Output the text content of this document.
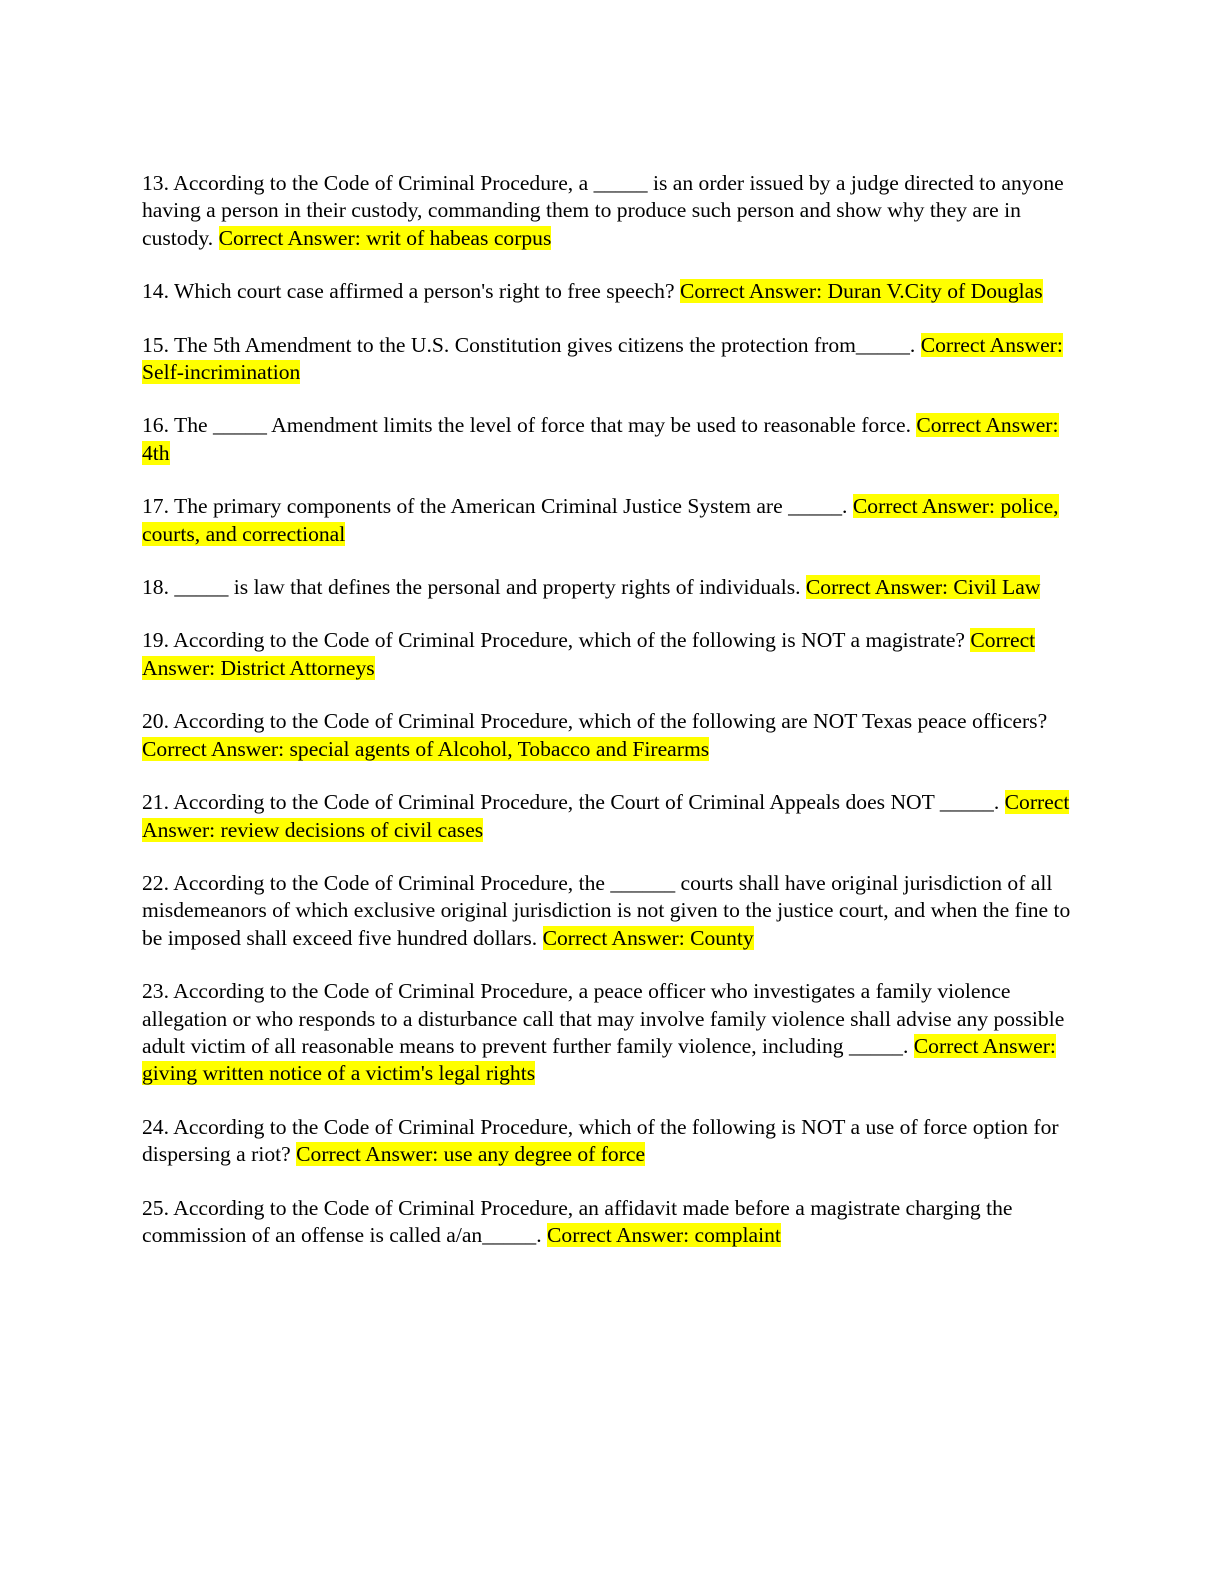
13. According to the Code of Criminal Procedure, a _____ is an order issued by a judge directed to anyone having a person in their custody, commanding them to produce such person and show why they are in custody. Correct Answer: writ of habeas corpus

14. Which court case affirmed a person's right to free speech? Correct Answer: Duran V.City of Douglas

15. The 5th Amendment to the U.S. Constitution gives citizens the protection from_____. Correct Answer: Self-incrimination

16. The _____ Amendment limits the level of force that may be used to reasonable force. Correct Answer: 4th

17. The primary components of the American Criminal Justice System are _____. Correct Answer: police, courts, and correctional

18. _____ is law that defines the personal and property rights of individuals. Correct Answer: Civil Law

19. According to the Code of Criminal Procedure, which of the following is NOT a magistrate? Correct Answer: District Attorneys

20. According to the Code of Criminal Procedure, which of the following are NOT Texas peace officers? Correct Answer: special agents of Alcohol, Tobacco and Firearms

21. According to the Code of Criminal Procedure, the Court of Criminal Appeals does NOT _____. Correct Answer: review decisions of civil cases

22. According to the Code of Criminal Procedure, the ______ courts shall have original jurisdiction of all misdemeanors of which exclusive original jurisdiction is not given to the justice court, and when the fine to be imposed shall exceed five hundred dollars. Correct Answer: County

23. According to the Code of Criminal Procedure, a peace officer who investigates a family violence allegation or who responds to a disturbance call that may involve family violence shall advise any possible adult victim of all reasonable means to prevent further family violence, including _____. Correct Answer: giving written notice of a victim's legal rights

24. According to the Code of Criminal Procedure, which of the following is NOT a use of force option for dispersing a riot? Correct Answer: use any degree of force

25. According to the Code of Criminal Procedure, an affidavit made before a magistrate charging the commission of an offense is called a/an_____. Correct Answer: complaint
